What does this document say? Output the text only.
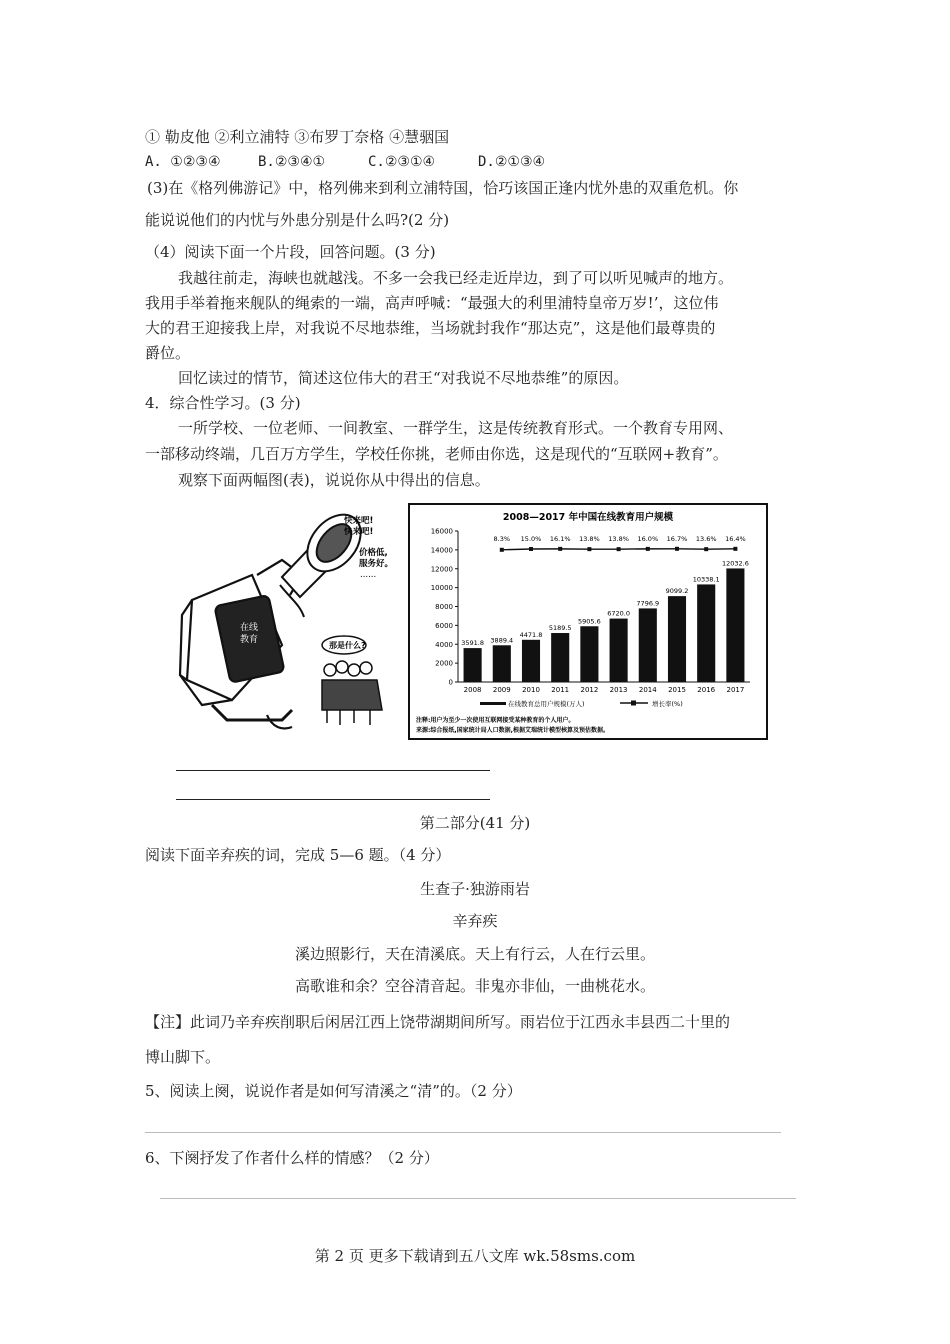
① 勒皮他 ②利立浦特 ③布罗丁奈格 ④慧骃国
A. ①②③④	B.②③④①	C.②③①④	D.②①③④
(3)在《格列佛游记》中，格列佛来到利立浦特国，恰巧该国正逢内忧外患的双重危机。你
能说说他们的内忧与外患分别是什么吗?(2 分)
（4）阅读下面一个片段，回答问题。(3 分)
我越往前走，海峡也就越浅。不多一会我已经走近岸边，到了可以听见喊声的地方。
我用手举着拖来舰队的绳索的一端，高声呼喊：“最强大的利里浦特皇帝万岁!’，这位伟
大的君王迎接我上岸，对我说不尽地恭维，当场就封我作“那达克”，这是他们最尊贵的
爵位。
回忆读过的情节，简述这位伟大的君王“对我说不尽地恭维”的原因。
4．综合性学习。(3 分)
一所学校、一位老师、一间教室、一群学生，这是传统教育形式。一个教育专用网、
一部移动终端，几百万方学生，学校任你挑，老师由你选，这是现代的“互联网+教育”。
观察下面两幅图(表)，说说你从中得出的信息。
在线
教育
快来吧!
快来吧!
价格低,
服务好。
......
那是什么?
2008—2017 年中国在线教育用户规模
16000
14000
12000
10000
8000
6000
4000
2000
0
3591.8
2008
3889.4
2009
4471.8
2010
5189.5
2011
5905.6
2012
6720.0
2013
7796.9
2014
9099.2
2015
10338.1
2016
12032.6
2017
8.3% 15.0% 16.1% 13.8% 13.8% 16.0% 16.7% 13.6% 16.4%
在线教育总用户规模(万人)	增长率(%)
注释:用户为至少一次使用互联网接受某种教育的个人用户。
来源:综合报纸,国家统计局人口数据,根据艾瑞统计模型核算及预估数据。
第二部分(41 分)
阅读下面辛弃疾的词，完成 5—6 题。（4 分）
生查子·独游雨岩
辛弃疾
溪边照影行，天在清溪底。天上有行云，人在行云里。
高歌谁和余？空谷清音起。非鬼亦非仙，一曲桃花水。
【注】此词乃辛弃疾削职后闲居江西上饶带湖期间所写。雨岩位于江西永丰县西二十里的
博山脚下。
5、阅读上阕，说说作者是如何写清溪之“清”的。（2 分）
6、下阕抒发了作者什么样的情感？（2 分）
第 2 页 更多下载请到五八文库 wk.58sms.com
